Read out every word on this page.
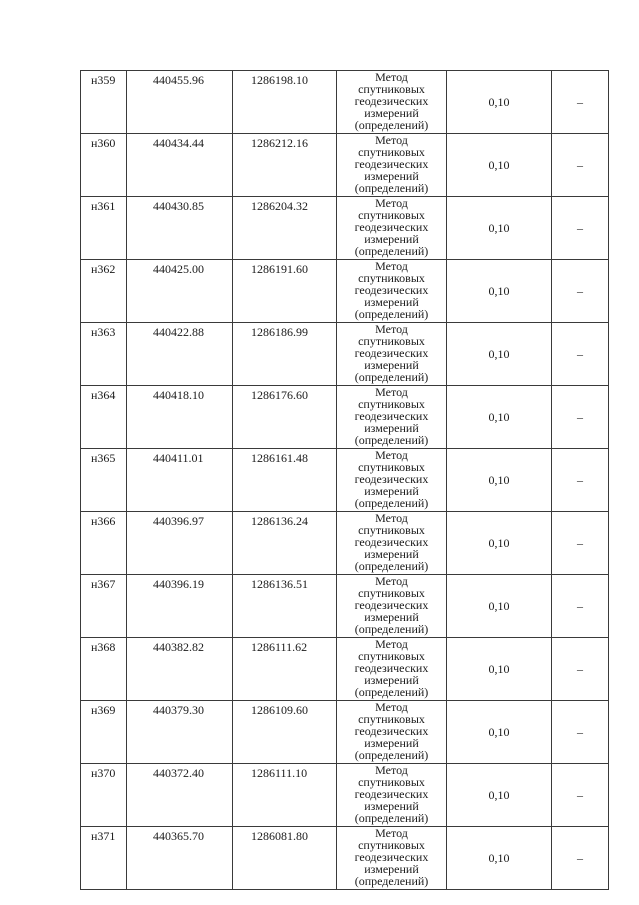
н359	440455.96	1286198.10	Метод
спутниковых
геодезических
измерений
(определений)	0,10	–
н360	440434.44	1286212.16	Метод
спутниковых
геодезических
измерений
(определений)	0,10	–
н361	440430.85	1286204.32	Метод
спутниковых
геодезических
измерений
(определений)	0,10	–
н362	440425.00	1286191.60	Метод
спутниковых
геодезических
измерений
(определений)	0,10	–
н363	440422.88	1286186.99	Метод
спутниковых
геодезических
измерений
(определений)	0,10	–
н364	440418.10	1286176.60	Метод
спутниковых
геодезических
измерений
(определений)	0,10	–
н365	440411.01	1286161.48	Метод
спутниковых
геодезических
измерений
(определений)	0,10	–
н366	440396.97	1286136.24	Метод
спутниковых
геодезических
измерений
(определений)	0,10	–
н367	440396.19	1286136.51	Метод
спутниковых
геодезических
измерений
(определений)	0,10	–
н368	440382.82	1286111.62	Метод
спутниковых
геодезических
измерений
(определений)	0,10	–
н369	440379.30	1286109.60	Метод
спутниковых
геодезических
измерений
(определений)	0,10	–
н370	440372.40	1286111.10	Метод
спутниковых
геодезических
измерений
(определений)	0,10	–
н371	440365.70	1286081.80	Метод
спутниковых
геодезических
измерений
(определений)	0,10	–
